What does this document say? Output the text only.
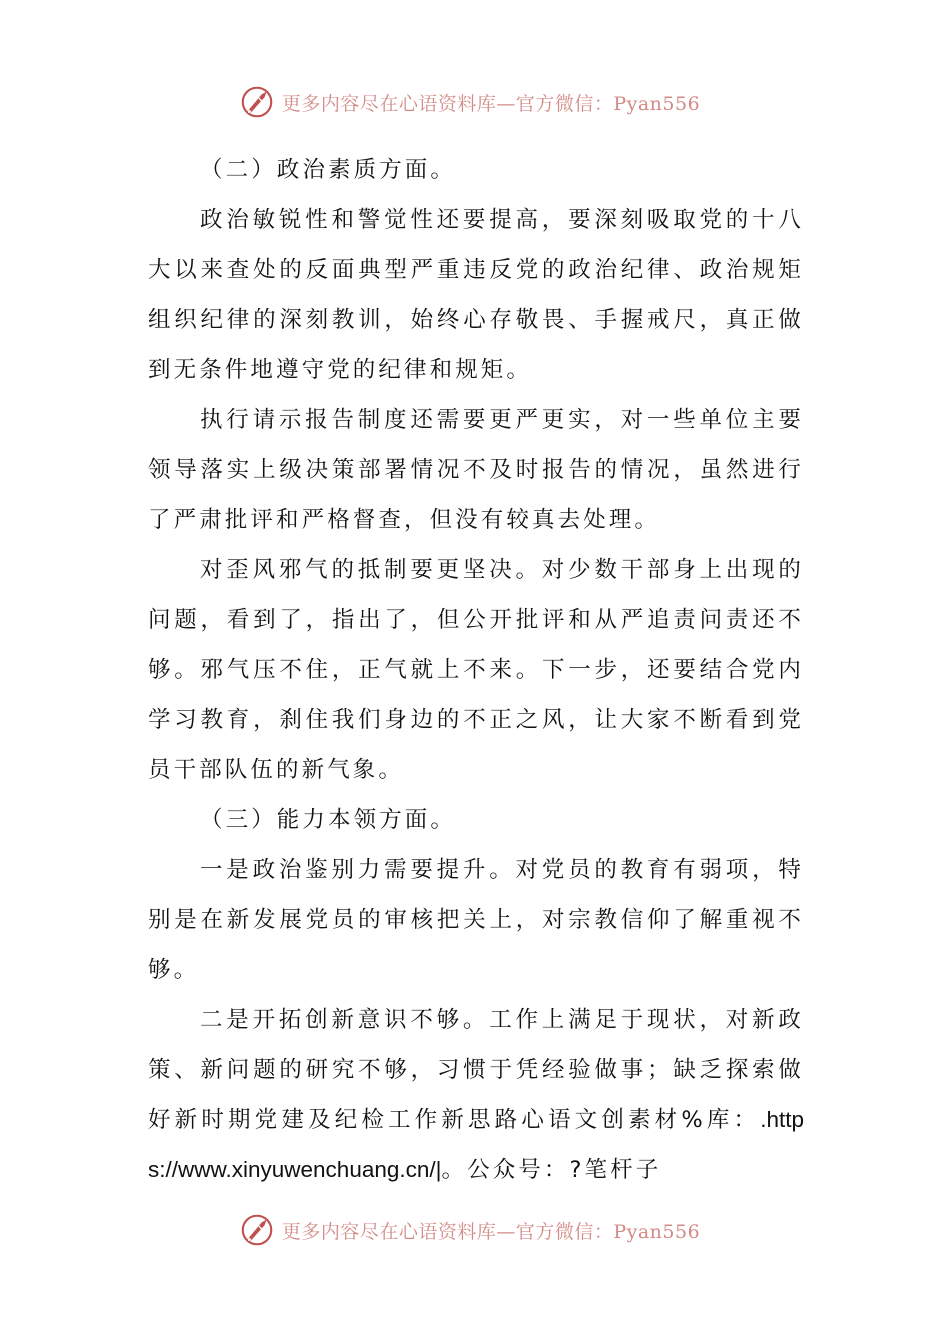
更多内容尽在心语资料库—官方微信：Pyan556

（二）政治素质方面。

政治敏锐性和警觉性还要提高，要深刻吸取党的十八大以来查处的反面典型严重违反党的政治纪律、政治规矩组织纪律的深刻教训，始终心存敬畏、手握戒尺，真正做到无条件地遵守党的纪律和规矩。

执行请示报告制度还需要更严更实，对一些单位主要领导落实上级决策部署情况不及时报告的情况，虽然进行了严肃批评和严格督查，但没有较真去处理。

对歪风邪气的抵制要更坚决。对少数干部身上出现的问题，看到了，指出了，但公开批评和从严追责问责还不够。邪气压不住，正气就上不来。下一步，还要结合党内学习教育，刹住我们身边的不正之风，让大家不断看到党员干部队伍的新气象。

（三）能力本领方面。

一是政治鉴别力需要提升。对党员的教育有弱项，特别是在新发展党员的审核把关上，对宗教信仰了解重视不够。

二是开拓创新意识不够。工作上满足于现状，对新政策、新问题的研究不够，习惯于凭经验做事；缺乏探索做好新时期党建及纪检工作新思路心语文创素材%库：.https://www.xinyuwenchuang.cn/|。公众号：?笔杆子

更多内容尽在心语资料库—官方微信：Pyan556
